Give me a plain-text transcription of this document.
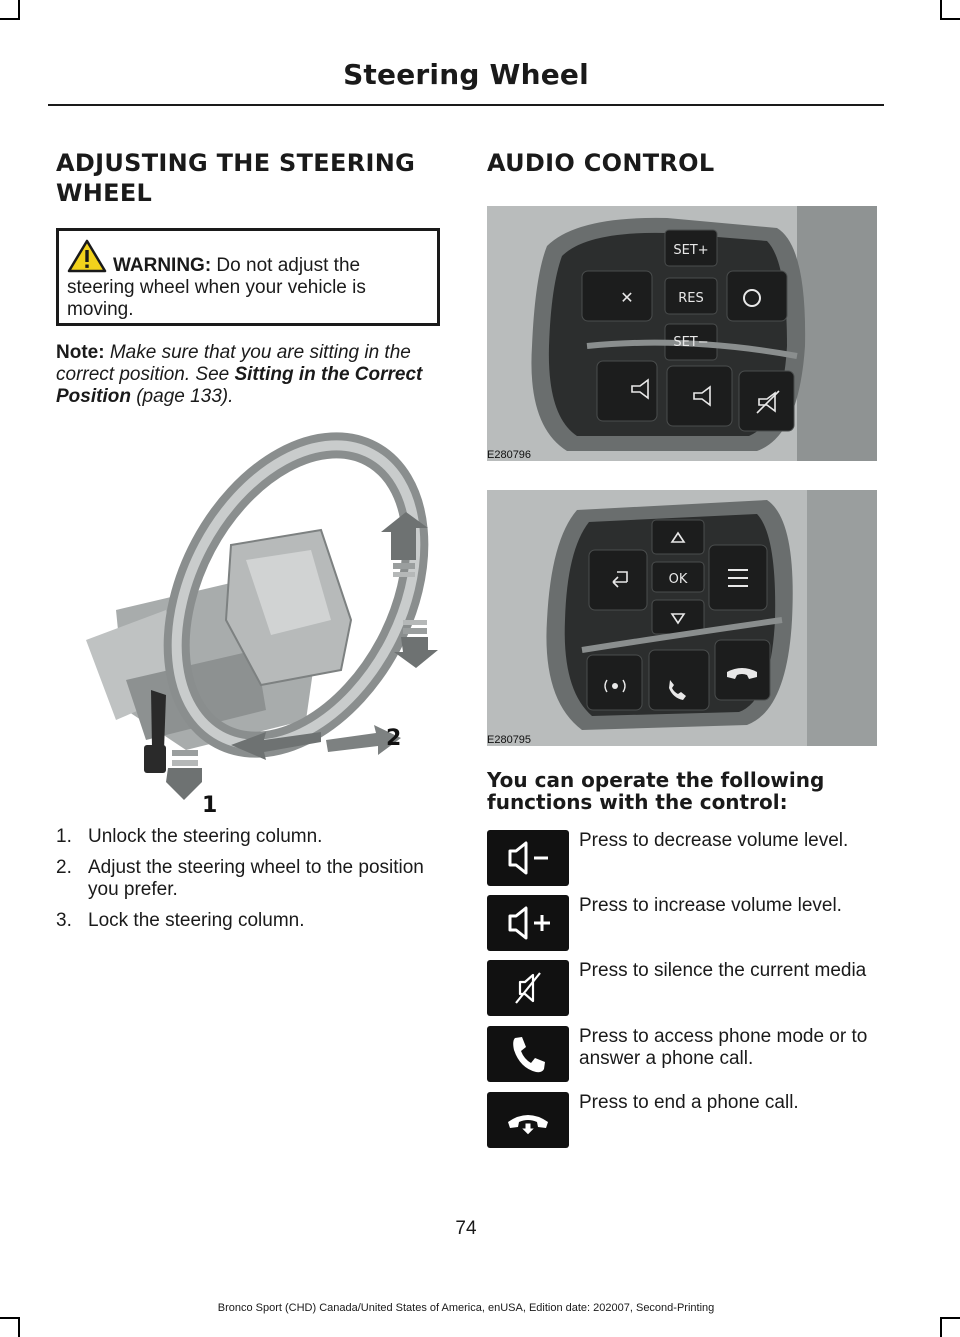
Steering Wheel
ADJUSTING THE STEERING
WHEEL
WARNING: Do not adjust the steering wheel when your vehicle is moving.
Note: Make sure that you are sitting in the correct position. See Sitting in the Correct Position (page 133).
2
1
1. Unlock the steering column.
2. Adjust the steering wheel to the position you prefer.
3. Lock the steering column.
AUDIO CONTROL
SET+
RES
SET−
✕
E280796
OK
E280795
You can operate the following functions with the control:
Press to decrease volume level.
Press to increase volume level.
Press to silence the current media
Press to access phone mode or to answer a phone call.
Press to end a phone call.
74
Bronco Sport (CHD) Canada/United States of America, enUSA, Edition date: 202007, Second-Printing
